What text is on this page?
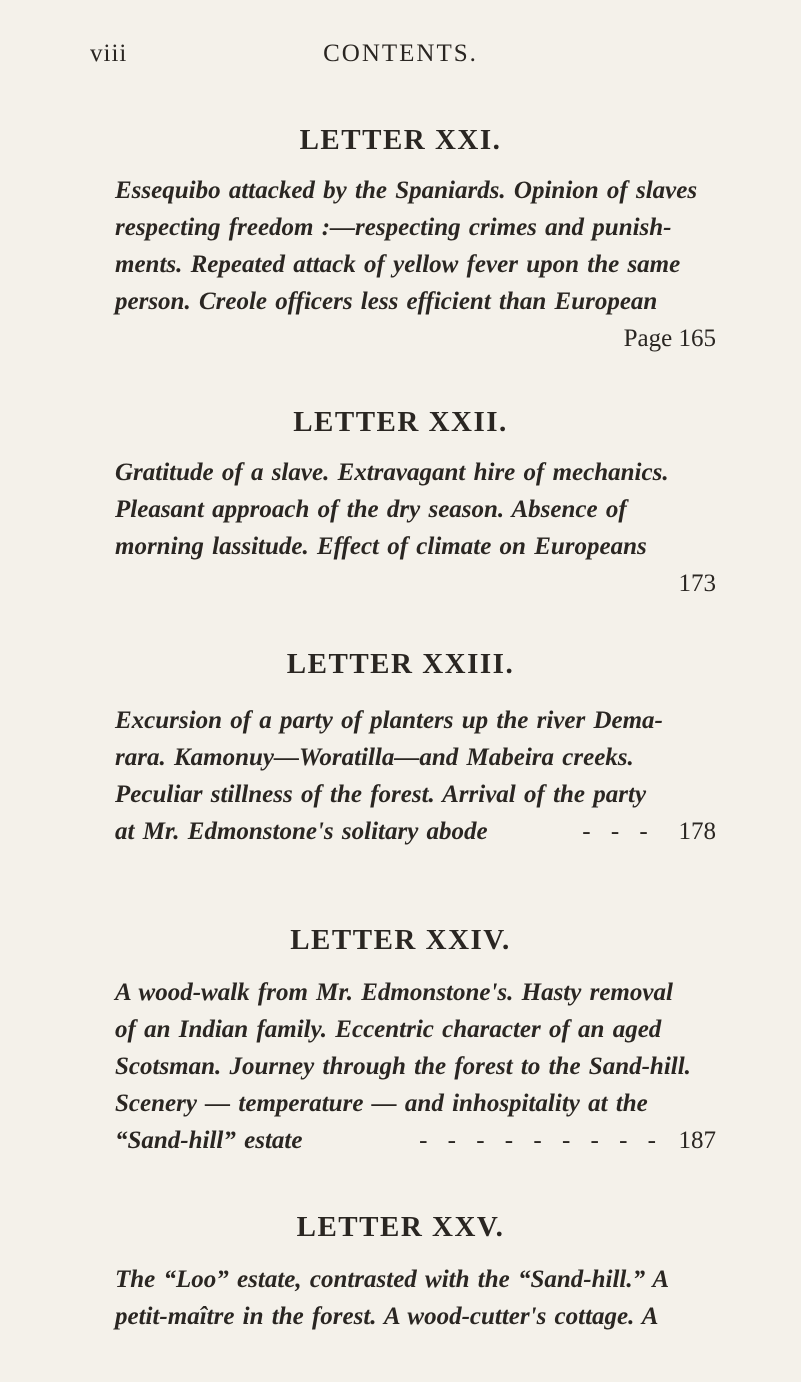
viii	CONTENTS.
LETTER XXI.
Essequibo attacked by the Spaniards. Opinion of slaves
respecting freedom :—respecting crimes and punish-
ments. Repeated attack of yellow fever upon the same
person. Creole officers less efficient than European
Page 165
LETTER XXII.
Gratitude of a slave. Extravagant hire of mechanics.
Pleasant approach of the dry season. Absence of
morning lassitude. Effect of climate on Europeans
173
LETTER XXIII.
Excursion of a party of planters up the river Dema-
rara. Kamonuy—Woratilla—and Mabeira creeks.
Peculiar stillness of the forest. Arrival of the party
at Mr. Edmonstone's solitary abode	- - - 178
LETTER XXIV.
A wood-walk from Mr. Edmonstone's. Hasty removal
of an Indian family. Eccentric character of an aged
Scotsman. Journey through the forest to the Sand-hill.
Scenery — temperature — and inhospitality at the
“Sand-hill” estate	- - - - - - - - - 187
LETTER XXV.
The “Loo” estate, contrasted with the “Sand-hill.” A
petit-maître in the forest. A wood-cutter's cottage. A
